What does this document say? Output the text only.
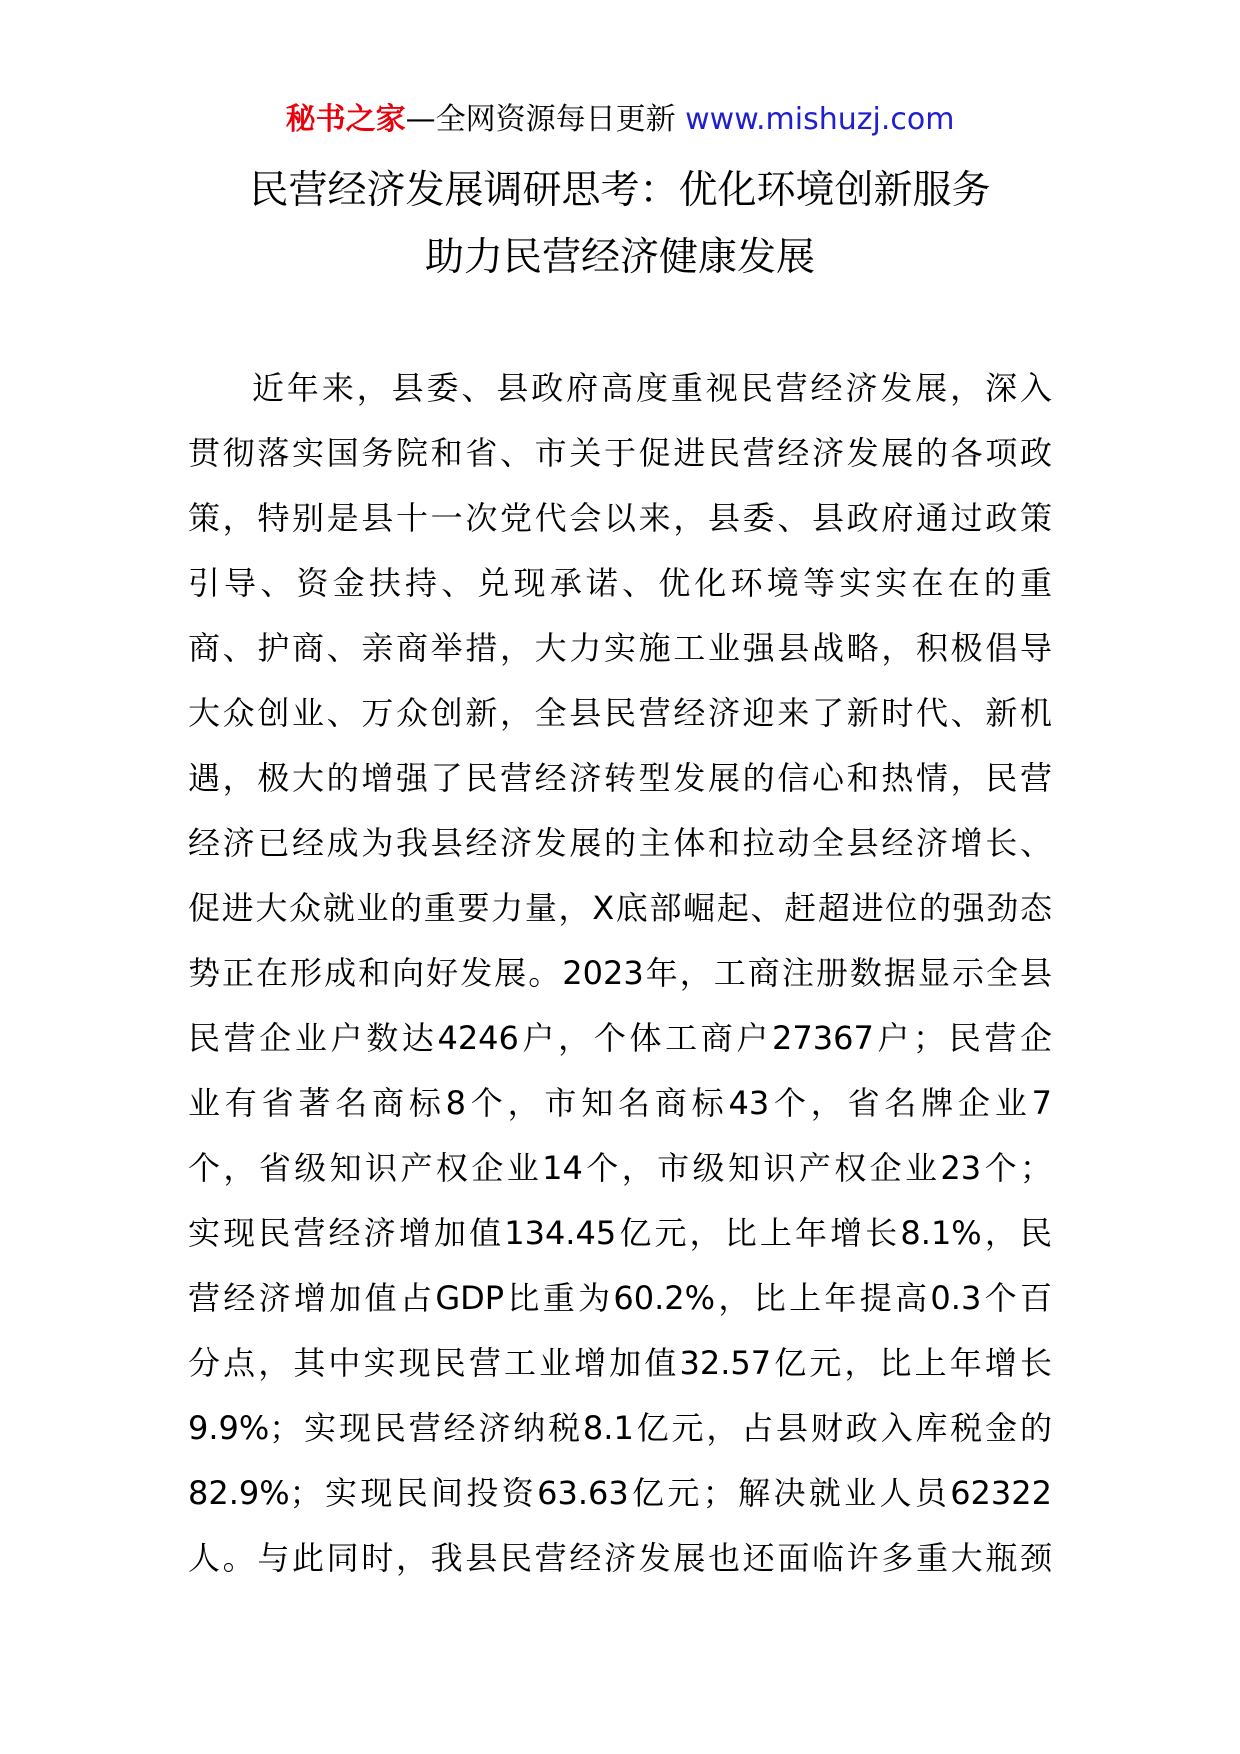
秘书之家—全网资源每日更新 www.mishuzj.com
民营经济发展调研思考：优化环境创新服务
助力民营经济健康发展
近年来，县委、县政府高度重视民营经济发展，深入
贯彻落实国务院和省、市关于促进民营经济发展的各项政
策，特别是县十一次党代会以来，县委、县政府通过政策
引导、资金扶持、兑现承诺、优化环境等实实在在的重
商、护商、亲商举措，大力实施工业强县战略，积极倡导
大众创业、万众创新，全县民营经济迎来了新时代、新机
遇，极大的增强了民营经济转型发展的信心和热情，民营
经济已经成为我县经济发展的主体和拉动全县经济增长、
促进大众就业的重要力量，X底部崛起、赶超进位的强劲态
势正在形成和向好发展。2023年，工商注册数据显示全县
民营企业户数达4246户，个体工商户27367户；民营企
业有省著名商标8个，市知名商标43个，省名牌企业7
个，省级知识产权企业14个，市级知识产权企业23个；
实现民营经济增加值134.45亿元，比上年增长8.1%，民
营经济增加值占GDP比重为60.2%，比上年提高0.3个百
分点，其中实现民营工业增加值32.57亿元，比上年增长
9.9%；实现民营经济纳税8.1亿元，占县财政入库税金的
82.9%；实现民间投资63.63亿元；解决就业人员62322
人。与此同时，我县民营经济发展也还面临许多重大瓶颈
